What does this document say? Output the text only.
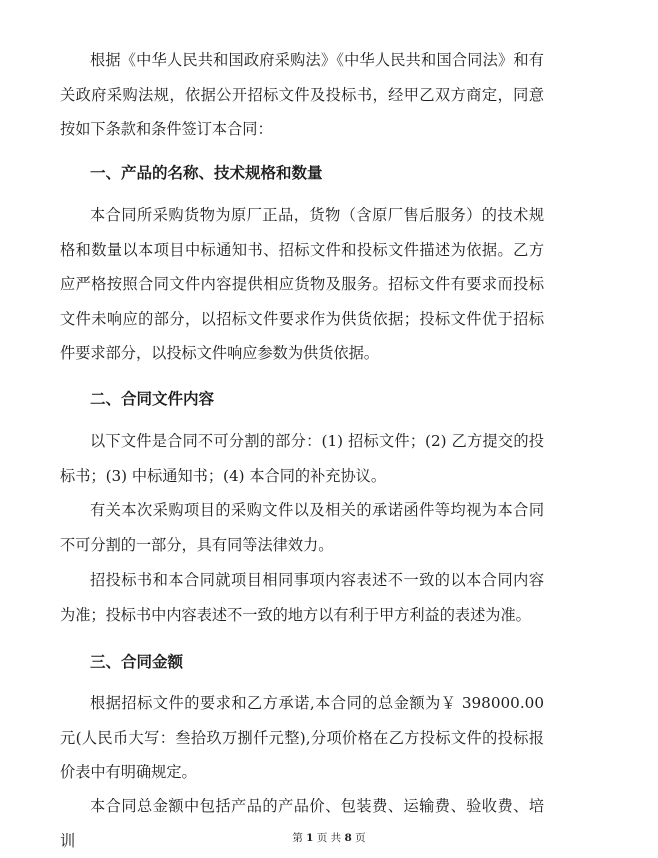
根据《中华人民共和国政府采购法》《中华人民共和国合同法》和有关政府采购法规，依据公开招标文件及投标书，经甲乙双方商定，同意按如下条款和条件签订本合同：

一、产品的名称、技术规格和数量

本合同所采购货物为原厂正品，货物（含原厂售后服务）的技术规格和数量以本项目中标通知书、招标文件和投标文件描述为依据。乙方应严格按照合同文件内容提供相应货物及服务。招标文件有要求而投标文件未响应的部分，以招标文件要求作为供货依据；投标文件优于招标件要求部分，以投标文件响应参数为供货依据。

二、合同文件内容

以下文件是合同不可分割的部分：(1) 招标文件；(2) 乙方提交的投标书；(3) 中标通知书；(4) 本合同的补充协议。

有关本次采购项目的采购文件以及相关的承诺函件等均视为本合同不可分割的一部分，具有同等法律效力。

招投标书和本合同就项目相同事项内容表述不一致的以本合同内容为准；投标书中内容表述不一致的地方以有利于甲方利益的表述为准。

三、合同金额

根据招标文件的要求和乙方承诺,本合同的总金额为￥ 398000.00 元(人民币大写：叁拾玖万捌仟元整),分项价格在乙方投标文件的投标报价表中有明确规定。

本合同总金额中包括产品的产品价、包装费、运输费、验收费、培训	第 1 页 共 8 页
